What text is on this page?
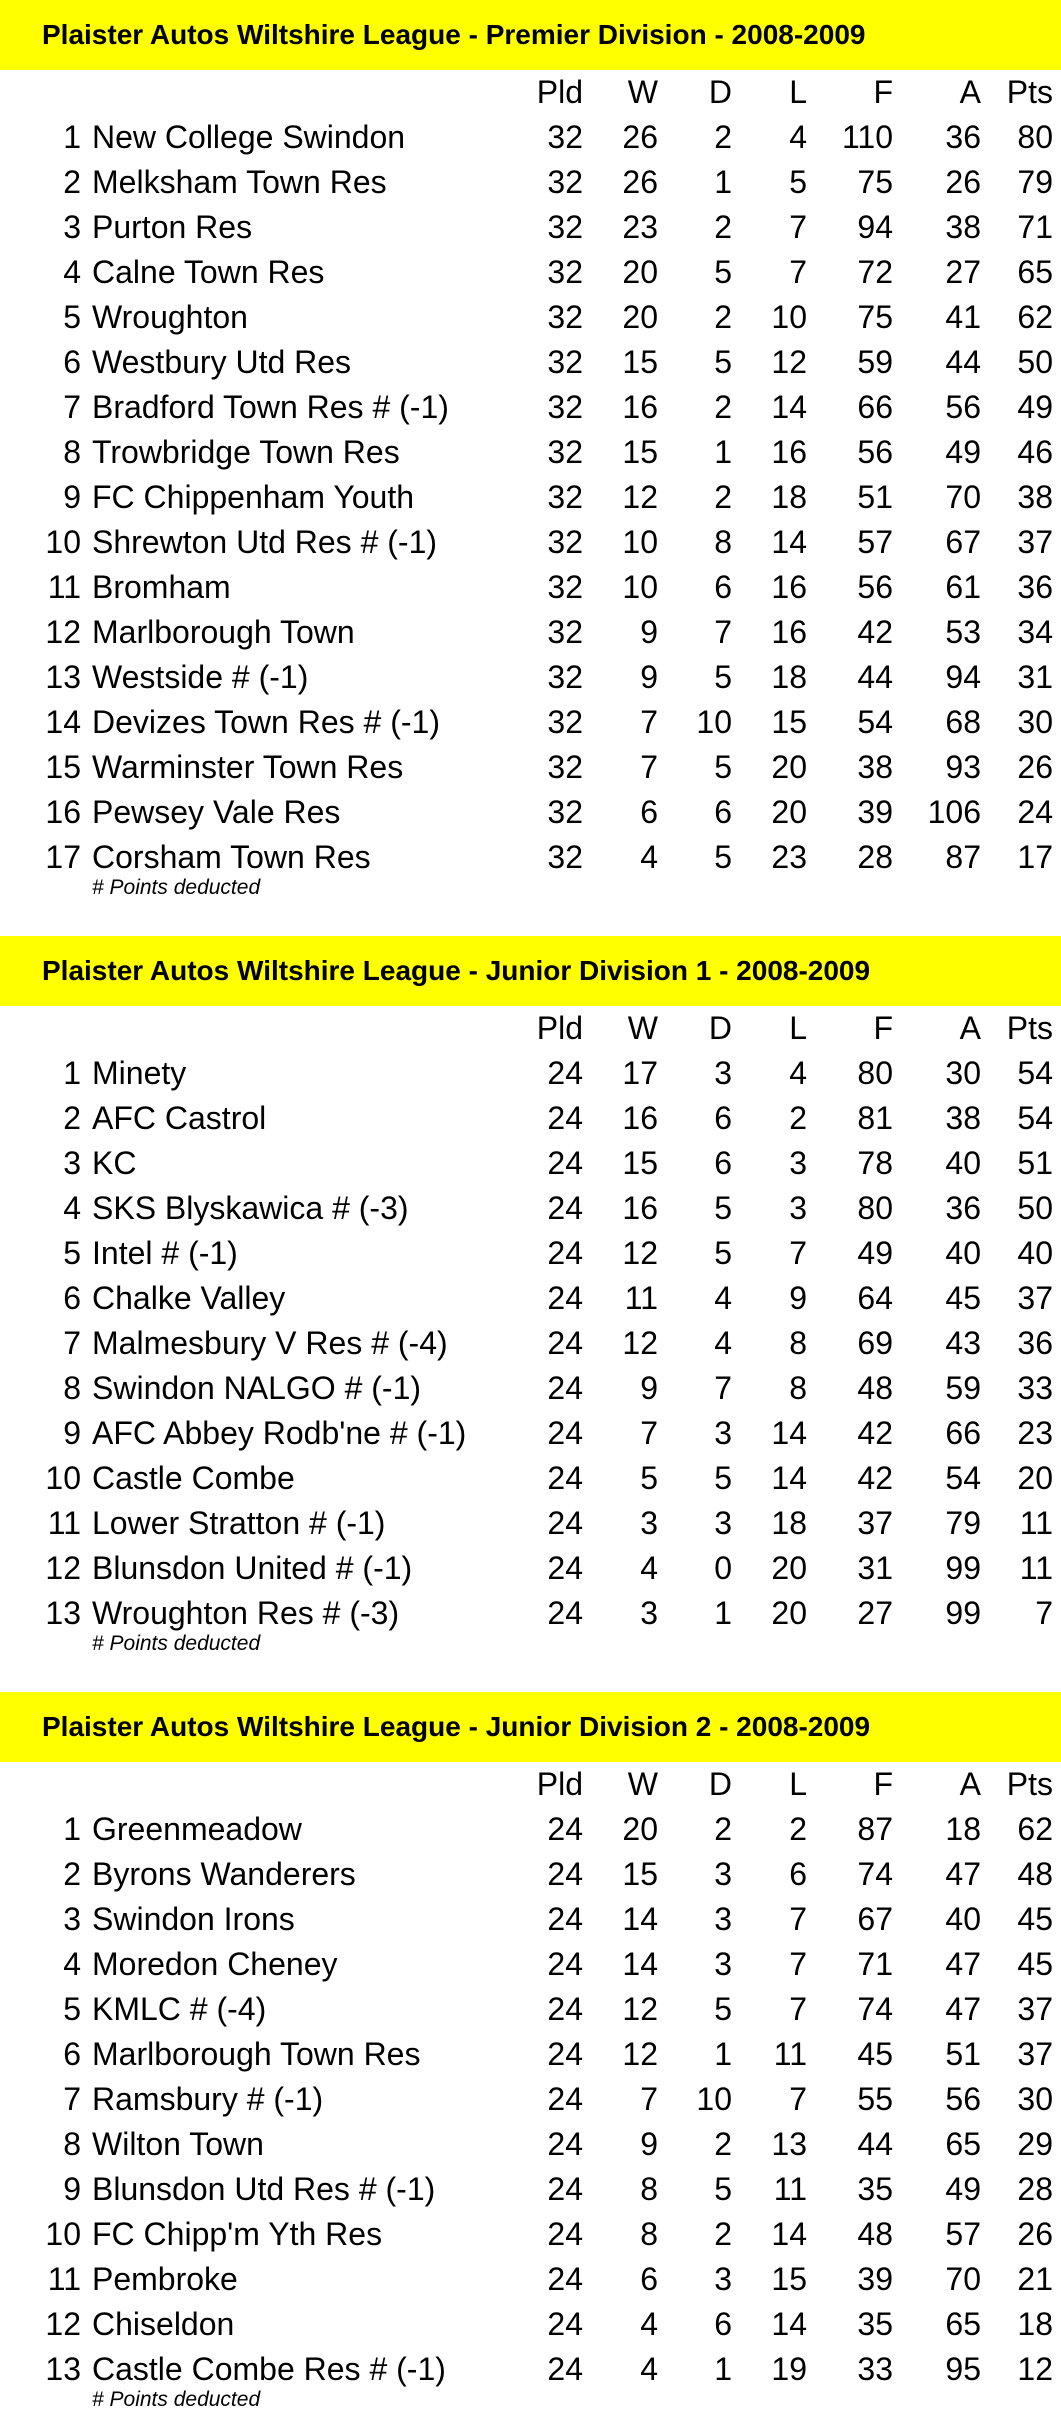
Plaister Autos Wiltshire League - Premier Division - 2008-2009
Pld W D L F A Pts
1 New College Swindon	32 26 2 4 110 36 80
2 Melksham Town Res	32 26 1 5 75 26 79
3 Purton Res	32 23 2 7 94 38 71
4 Calne Town Res	32 20 5 7 72 27 65
5 Wroughton	32 20 2 10 75 41 62
6 Westbury Utd Res	32 15 5 12 59 44 50
7 Bradford Town Res # (-1)	32 16 2 14 66 56 49
8 Trowbridge Town Res	32 15 1 16 56 49 46
9 FC Chippenham Youth	32 12 2 18 51 70 38
10 Shrewton Utd Res # (-1)	32 10 8 14 57 67 37
11 Bromham	32 10 6 16 56 61 36
12 Marlborough Town	32 9 7 16 42 53 34
13 Westside # (-1)	32 9 5 18 44 94 31
14 Devizes Town Res # (-1)	32 7 10 15 54 68 30
15 Warminster Town Res	32 7 5 20 38 93 26
16 Pewsey Vale Res	32 6 6 20 39 106 24
17 Corsham Town Res	32 4 5 23 28 87 17
# Points deducted
Plaister Autos Wiltshire League - Junior Division 1 - 2008-2009
Pld W D L F A Pts
1 Minety	24 17 3 4 80 30 54
2 AFC Castrol	24 16 6 2 81 38 54
3 KC	24 15 6 3 78 40 51
4 SKS Blyskawica # (-3)	24 16 5 3 80 36 50
5 Intel # (-1)	24 12 5 7 49 40 40
6 Chalke Valley	24 11 4 9 64 45 37
7 Malmesbury V Res # (-4)	24 12 4 8 69 43 36
8 Swindon NALGO # (-1)	24 9 7 8 48 59 33
9 AFC Abbey Rodb'ne # (-1)	24 7 3 14 42 66 23
10 Castle Combe	24 5 5 14 42 54 20
11 Lower Stratton # (-1)	24 3 3 18 37 79 11
12 Blunsdon United # (-1)	24 4 0 20 31 99 11
13 Wroughton Res # (-3)	24 3 1 20 27 99 7
# Points deducted
Plaister Autos Wiltshire League - Junior Division 2 - 2008-2009
Pld W D L F A Pts
1 Greenmeadow	24 20 2 2 87 18 62
2 Byrons Wanderers	24 15 3 6 74 47 48
3 Swindon Irons	24 14 3 7 67 40 45
4 Moredon Cheney	24 14 3 7 71 47 45
5 KMLC # (-4)	24 12 5 7 74 47 37
6 Marlborough Town Res	24 12 1 11 45 51 37
7 Ramsbury # (-1)	24 7 10 7 55 56 30
8 Wilton Town	24 9 2 13 44 65 29
9 Blunsdon Utd Res # (-1)	24 8 5 11 35 49 28
10 FC Chipp'm Yth Res	24 8 2 14 48 57 26
11 Pembroke	24 6 3 15 39 70 21
12 Chiseldon	24 4 6 14 35 65 18
13 Castle Combe Res # (-1)	24 4 1 19 33 95 12
# Points deducted
